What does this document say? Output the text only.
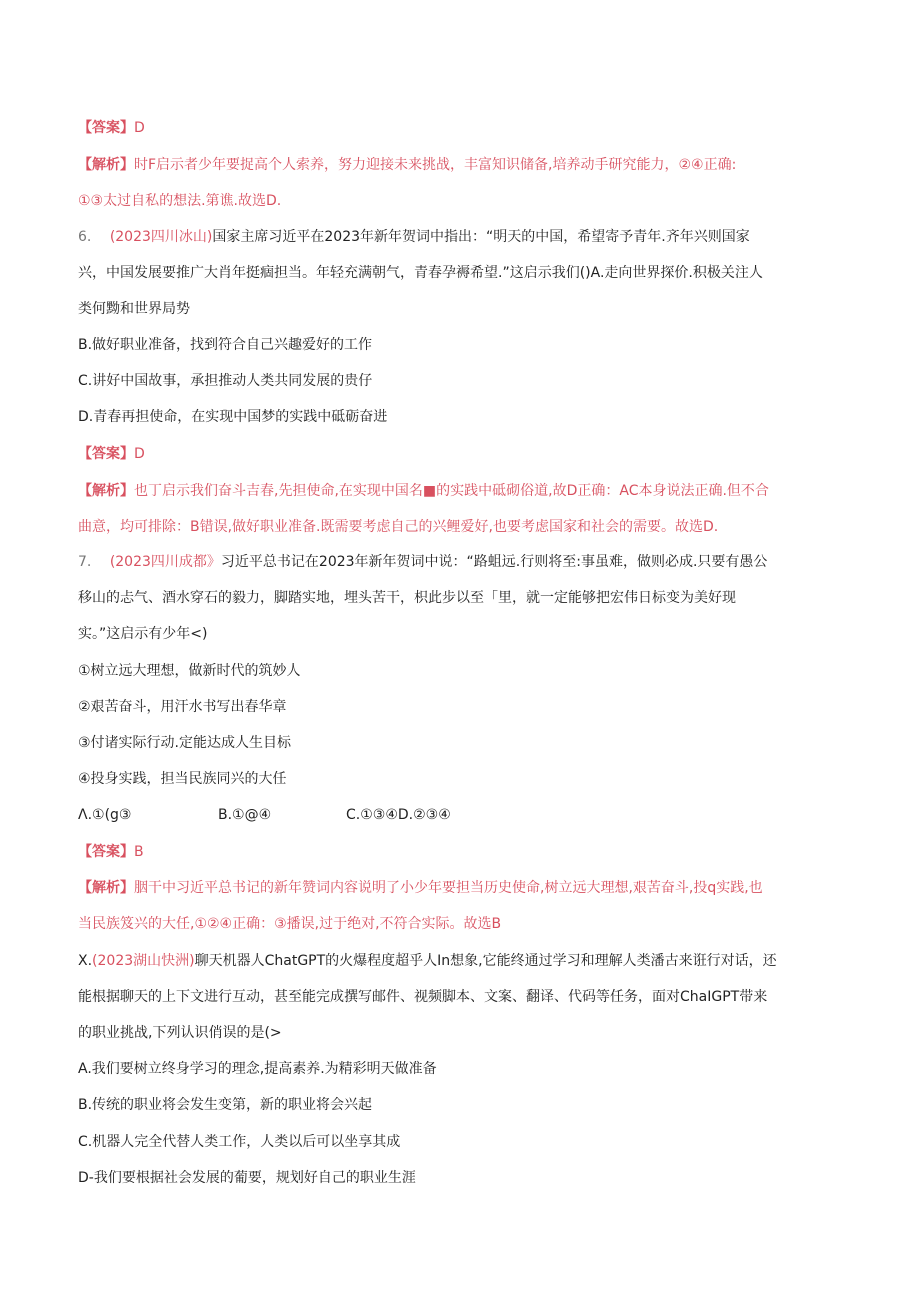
【答案】D
【解析】时F启示者少年要捉高个人索养，努力迎接未来挑战，丰富知识储备,培养动手研究能力，②④正确:
①③太过自私的想法.第谯.故选D.
6. (2023四川冰山)国家主席习近平在2023年新年贺词中指出：“明天的中国，希望寄予青年.齐年兴则国家
兴，中国发展要推广大肖年挺痼担当。年轻充满朝气，青春孕褥希望.”这启示我们()A.走向世界探价.积极关注人
类何黝和世界局势
B.做好职业准备，找到符合自己兴趣爱好的工作
C.讲好中国故事，承担推动人类共同发展的贵仔
D.青春再担使命，在实现中国梦的实践中砥砺奋进
【答案】D
【解析】也丁启示我们奋斗吉春,先担使命,在实现中国名■的实践中砥砌俗道,故D正确：AC本身说法正确.但不合
曲意，均可排除：B错误,做好职业准备.既需要考虑自己的兴鲤爱好,也要考虑国家和社会的需要。故选D.
7. (2023四川成都》习近平总书记在2023年新年贺词中说：“路蛆远.行则将至:事虽难，做则必成.只要有愚公
移山的忐气、酒水穿石的毅力，脚踏实地，埋头苦干，枳此步以至「里，就一定能够把宏伟日标变为美好现
实。”这启示有少年<)
①树立远大理想，做新时代的筑妙人
②艰苦奋斗，用汗水书写出春华章
③付诸实际行动.定能达成人生目标
④投身实践，担当民族同兴的大任
Λ.①(g③	B.①@④	C.①③④D.②③④
【答案】B
【解析】胭干中习近平总书记的新年赞词内容说明了小少年要担当历史使命,树立远大理想,艰苦奋斗,投q实践,也
当民族笈兴的大任,①②④正确：③播误,过于绝对,不符合实际。故选B
X.(2023湖山快洲)聊天机器人ChatGPT的火爆程度超乎人In想象,它能终通过学习和理解人类潘古来诳行对话，还
能根据聊天的上下文进行互动，甚至能完成撰写邮件、视频脚本、文案、翻译、代码等任务，面对ChaIGPT带来
的职业挑战,下列认识俏误的是(>
A.我们要树立终身学习的理念,提高素养.为精彩明天做准备
B.传统的职业将会发生变第，新的职业将会兴起
C.机器人完全代替人类工作，人类以后可以坐享其成
D-我们要根据社会发展的葡要，规划好自己的职业生涯
